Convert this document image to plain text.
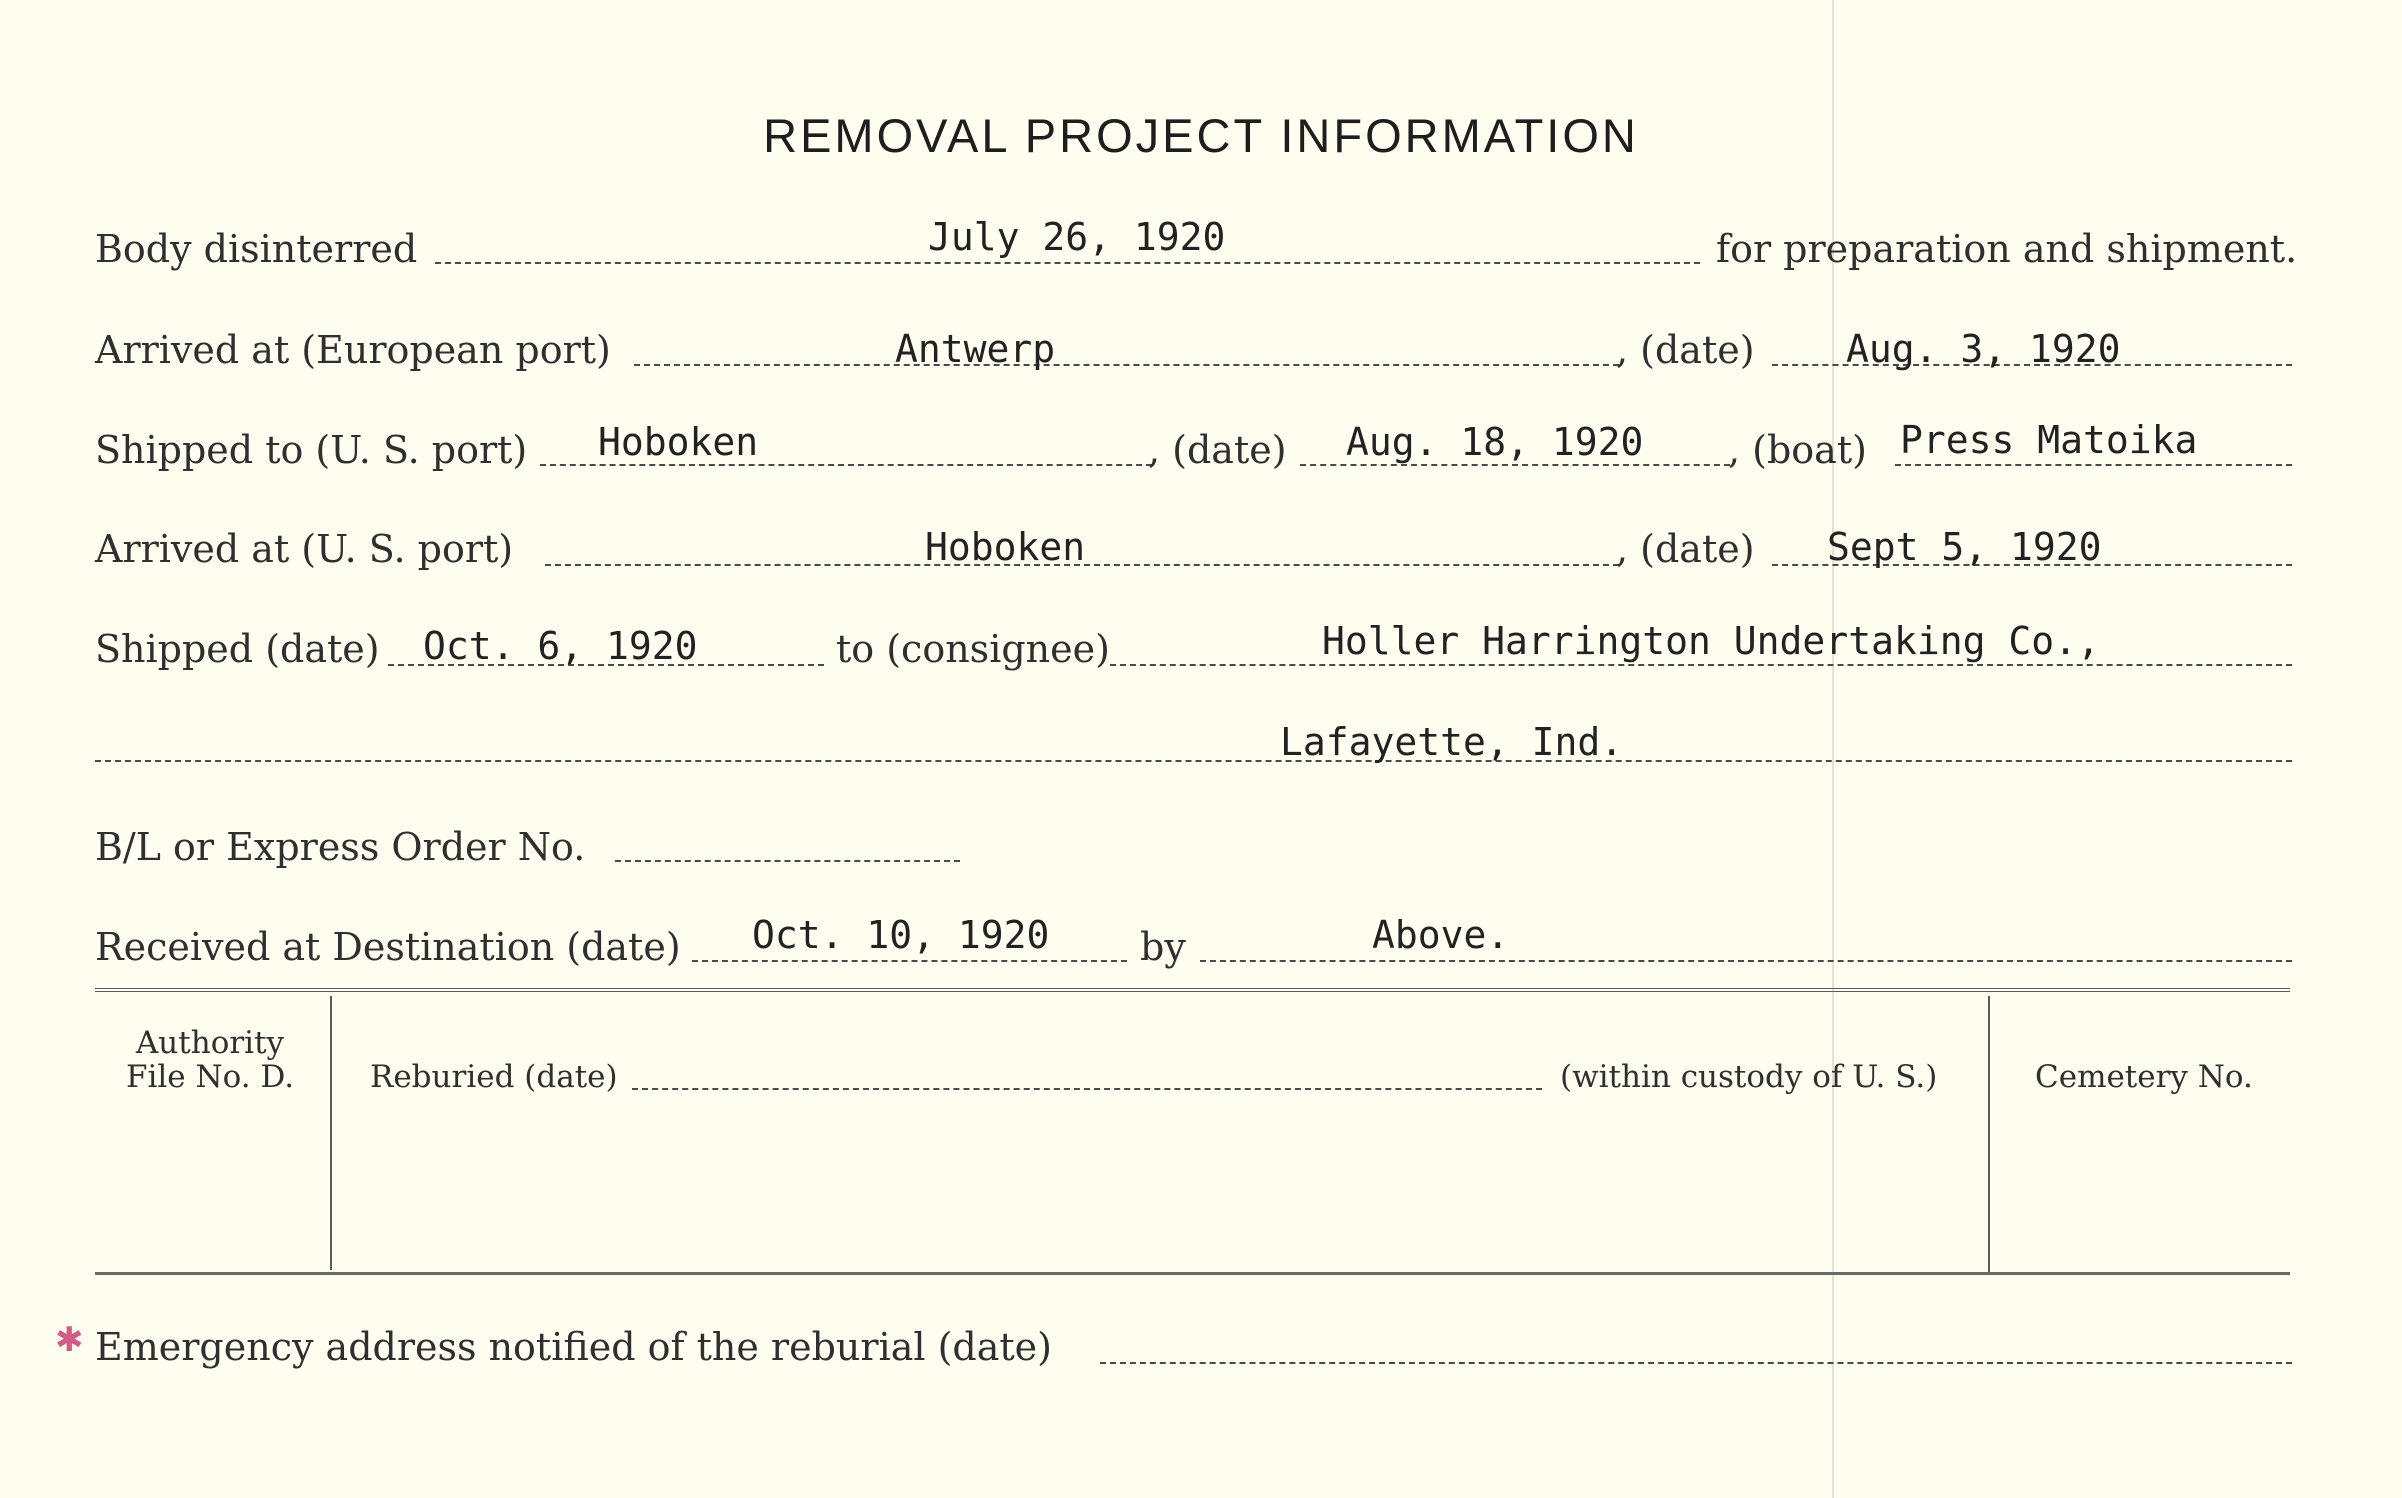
✱
REMOVAL PROJECT INFORMATION
Body disinterred	July 26, 1920	for preparation and shipment.
Arrived at (European port)	Antwerp	, (date) Aug. 3, 1920
Shipped to (U. S. port) Hoboken	, (date) Aug. 18, 1920 , (boat) Press Matoika
Arrived at (U. S. port)	Hoboken	, (date) Sept 5, 1920
Shipped (date) Oct. 6, 1920	to (consignee)	Holler Harrington Undertaking Co.,
Lafayette, Ind.
B/L or Express Order No.
Received at Destination (date) Oct. 10, 1920 by	Above.
Authority
File No. D.	Reburied (date)	(within custody of U. S.)	Cemetery No.
Emergency address notified of the reburial (date)
